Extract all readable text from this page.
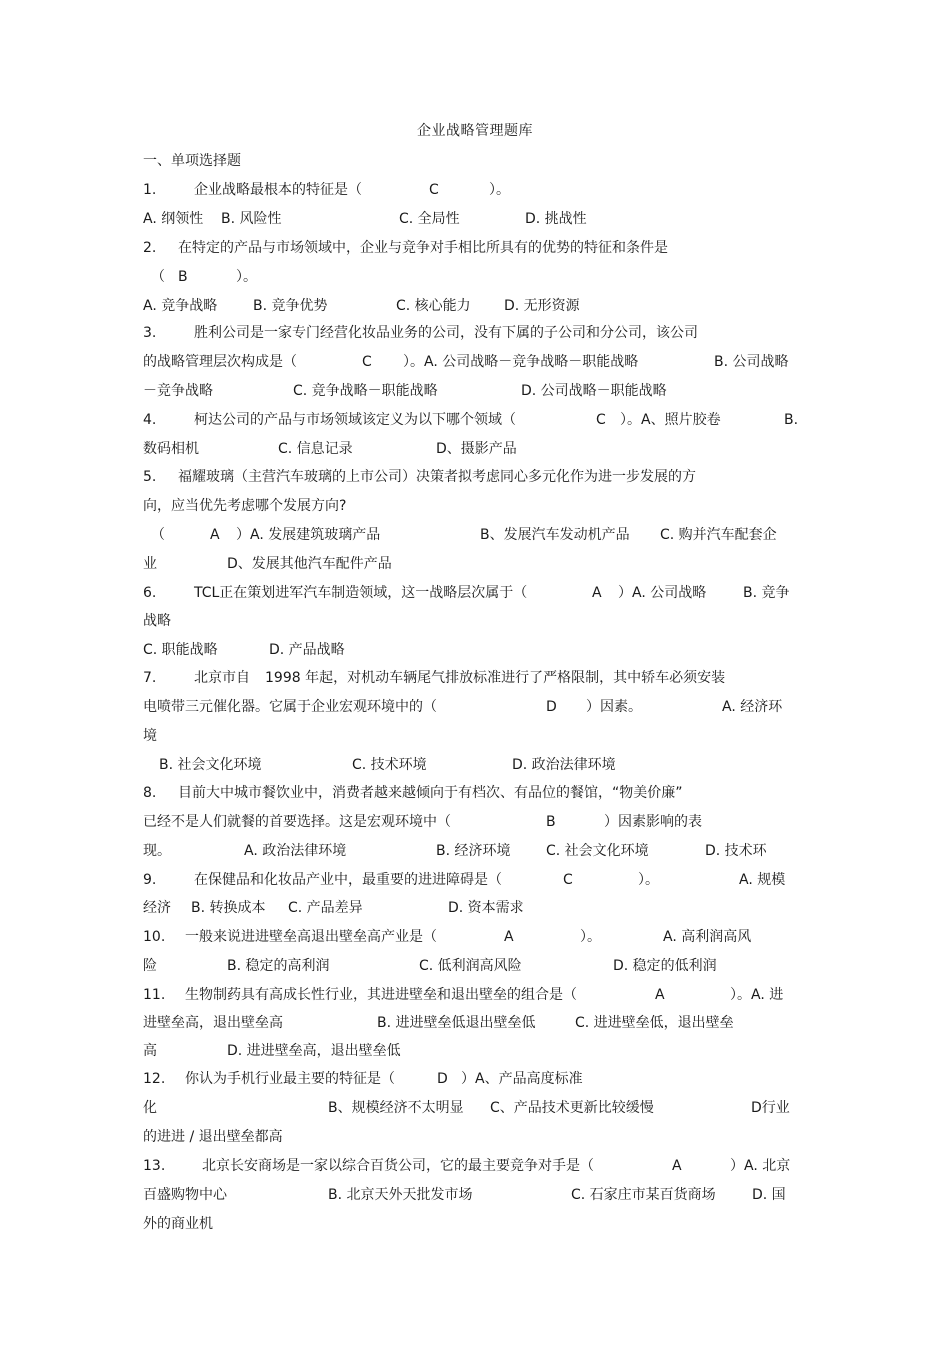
企业战略管理题库
一、单项选择题
1.	企业战略最根本的特征是（	C	）。
A. 纲领性 B. 风险性	C. 全局性	D. 挑战性
2. 在特定的产品与市场领域中，企业与竞争对手相比所具有的优势的特征和条件是
（ B	）。
A. 竞争战略	B. 竞争优势	C. 核心能力 D. 无形资源
3.	胜利公司是一家专门经营化妆品业务的公司，没有下属的子公司和分公司，该公司
的战略管理层次构成是（	C ）。A. 公司战略－竞争战略－职能战略	B. 公司战略
－竞争战略	C. 竞争战略－职能战略	D. 公司战略－职能战略
4.	柯达公司的产品与市场领域该定义为以下哪个领域（	C ）。A、照片胶卷	B.
数码相机	C. 信息记录	D、摄影产品
5. 福耀玻璃（主营汽车玻璃的上市公司）决策者拟考虑同心多元化作为进一步发展的方
向，应当优先考虑哪个发展方向?
（	A ）A. 发展建筑玻璃产品	B、发展汽车发动机产品 C. 购并汽车配套企
业	D、发展其他汽车配件产品
6.	TCL正在策划进军汽车制造领域，这一战略层次属于（	A ）A. 公司战略	B. 竞争
战略
C. 职能战略	D. 产品战略
7.	北京市自 1998 年起，对机动车辆尾气排放标准进行了严格限制，其中轿车必须安装
电喷带三元催化器。它属于企业宏观环境中的（	D ）因素。	A. 经济环
境
B. 社会文化环境	C. 技术环境	D. 政治法律环境
8. 目前大中城市餐饮业中，消费者越来越倾向于有档次、有品位的餐馆，“物美价廉”
已经不是人们就餐的首要选择。这是宏观环境中（	B	）因素影响的表
现。	A. 政治法律环境	B. 经济环境	C. 社会文化环境	D. 技术环
9.	在保健品和化妆品产业中，最重要的进进障碍是（	C	）。	A. 规模
经济 B. 转换成本 C. 产品差异	D. 资本需求
10. 一般来说进进壁垒高退出壁垒高产业是（	A	）。	A. 高利润高风
险	B. 稳定的高利润	C. 低利润高风险	D. 稳定的低利润
11. 生物制药具有高成长性行业，其进进壁垒和退出壁垒的组合是（	A	）。A. 进
进壁垒高，退出壁垒高	B. 进进壁垒低退出壁垒低	C. 进进壁垒低，退出壁垒
高	D. 进进壁垒高，退出壁垒低
12. 你认为手机行业最主要的特征是（	D ）A、产品高度标准
化	B、规模经济不太明显 C、产品技术更新比较缓慢	D行业
的进进 / 退出壁垒都高
13.	北京长安商场是一家以综合百货公司，它的最主要竞争对手是（	A	）A. 北京
百盛购物中心	B. 北京天外天批发市场	C. 石家庄市某百货商场	D. 国
外的商业机
